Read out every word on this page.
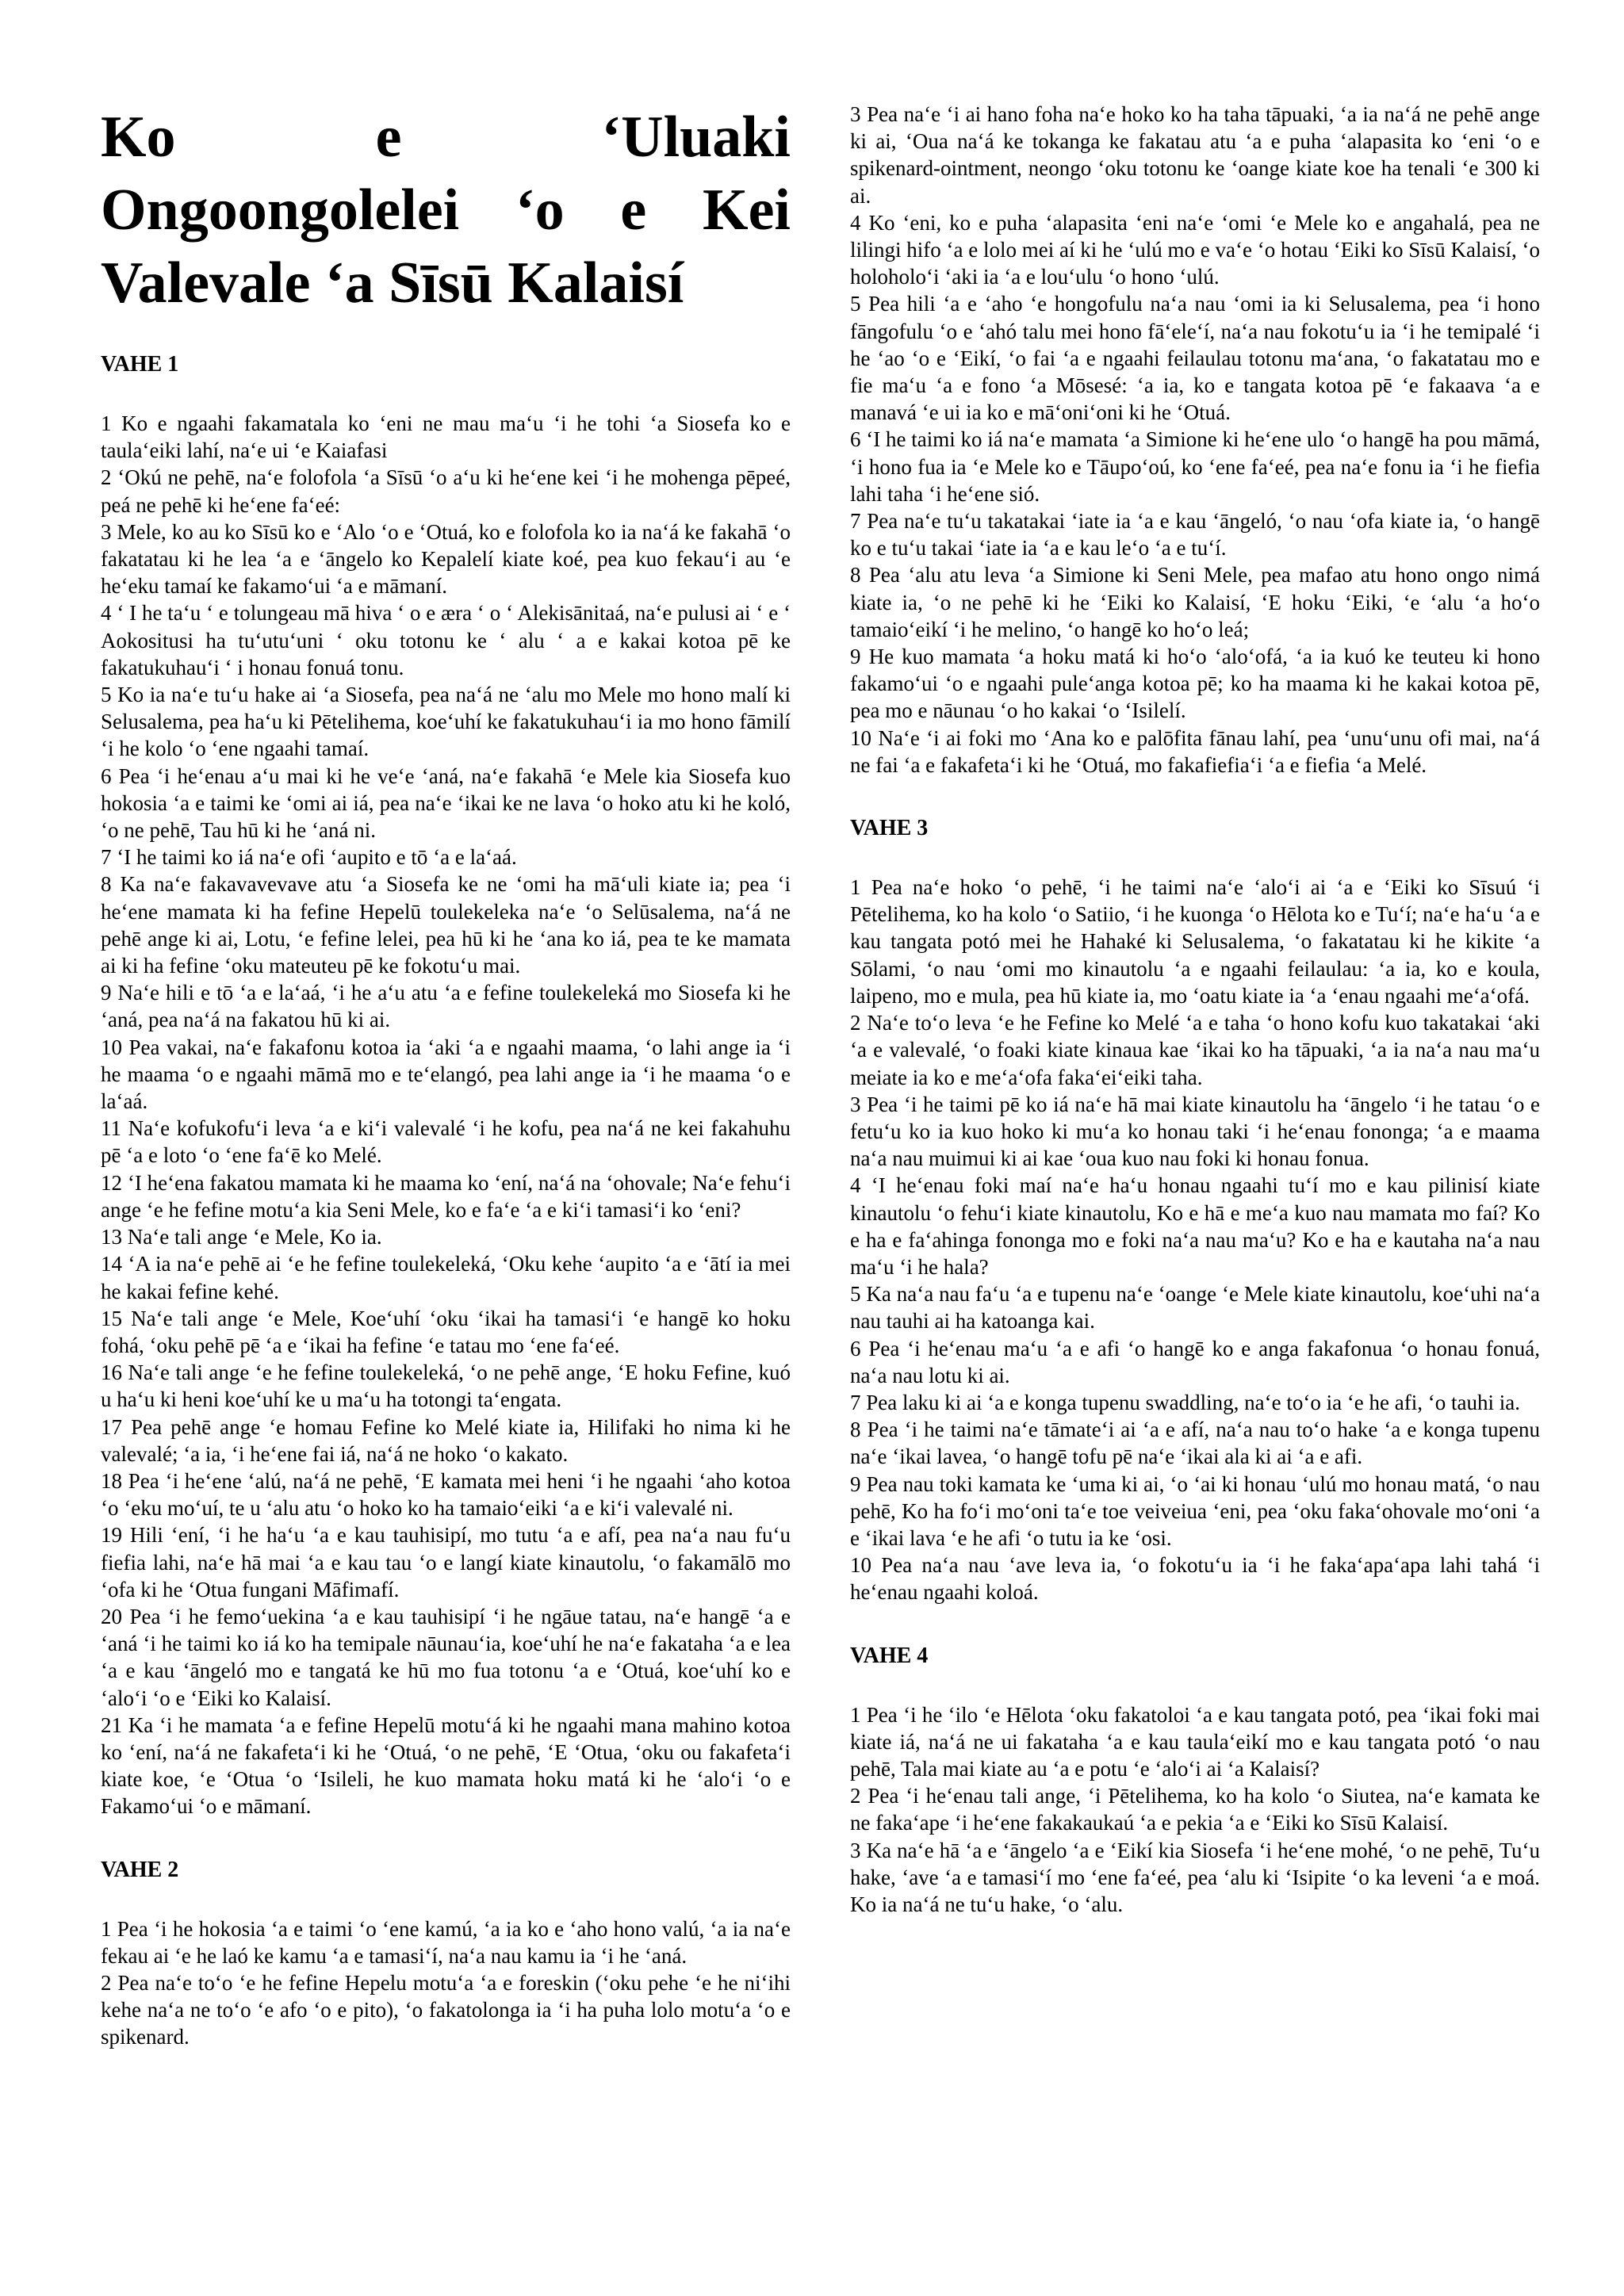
Ko e ‘Uluaki Ongoongolelei ‘o e Kei Valevale ‘a Sīsū Kalaisí

VAHE 1

1 Ko e ngaahi fakamatala ko ‘eni ne mau ma‘u ‘i he tohi ‘a Siosefa ko e taula‘eiki lahí, na‘e ui ‘e Kaiafasi

2 ‘Okú ne pehē, na‘e folofola ‘a Sīsū ‘o a‘u ki he‘ene kei ‘i he mohenga pēpeé, peá ne pehē ki he‘ene fa‘eé:

3 Mele, ko au ko Sīsū ko e ‘Alo ‘o e ‘Otuá, ko e folofola ko ia na‘á ke fakahā ‘o fakatatau ki he lea ‘a e ‘āngelo ko Kepalelí kiate koé, pea kuo fekau‘i au ‘e he‘eku tamaí ke fakamo‘ui ‘a e māmaní.

4 ‘ I he ta‘u ‘ e tolungeau mā hiva ‘ o e æra ‘ o ‘ Alekisānitaá, na‘e pulusi ai ‘ e ‘ Aokositusi ha tu‘utu‘uni ‘ oku totonu ke ‘ alu ‘ a e kakai kotoa pē ke fakatukuhau‘i ‘ i honau fonuá tonu.

5 Ko ia na‘e tu‘u hake ai ‘a Siosefa, pea na‘á ne ‘alu mo Mele mo hono malí ki Selusalema, pea ha‘u ki Pētelihema, koe‘uhí ke fakatukuhau‘i ia mo hono fāmilí ‘i he kolo ‘o ‘ene ngaahi tamaí.

6 Pea ‘i he‘enau a‘u mai ki he ve‘e ‘aná, na‘e fakahā ‘e Mele kia Siosefa kuo hokosia ‘a e taimi ke ‘omi ai iá, pea na‘e ‘ikai ke ne lava ‘o hoko atu ki he koló, ‘o ne pehē, Tau hū ki he ‘aná ni.

7 ‘I he taimi ko iá na‘e ofi ‘aupito e tō ‘a e la‘aá.

8 Ka na‘e fakavavevave atu ‘a Siosefa ke ne ‘omi ha mā‘uli kiate ia; pea ‘i he‘ene mamata ki ha fefine Hepelū toulekeleka na‘e ‘o Selūsalema, na‘á ne pehē ange ki ai, Lotu, ‘e fefine lelei, pea hū ki he ‘ana ko iá, pea te ke mamata ai ki ha fefine ‘oku mateuteu pē ke fokotu‘u mai.

9 Na‘e hili e tō ‘a e la‘aá, ‘i he a‘u atu ‘a e fefine toulekeleká mo Siosefa ki he ‘aná, pea na‘á na fakatou hū ki ai.

10 Pea vakai, na‘e fakafonu kotoa ia ‘aki ‘a e ngaahi maama, ‘o lahi ange ia ‘i he maama ‘o e ngaahi māmā mo e te‘elangó, pea lahi ange ia ‘i he maama ‘o e la‘aá.

11 Na‘e kofukofu‘i leva ‘a e ki‘i valevalé ‘i he kofu, pea na‘á ne kei fakahuhu pē ‘a e loto ‘o ‘ene fa‘ē ko Melé.

12 ‘I he‘ena fakatou mamata ki he maama ko ‘ení, na‘á na ‘ohovale; Na‘e fehu‘i ange ‘e he fefine motu‘a kia Seni Mele, ko e fa‘e ‘a e ki‘i tamasi‘i ko ‘eni?

13 Na‘e tali ange ‘e Mele, Ko ia.

14 ‘A ia na‘e pehē ai ‘e he fefine toulekeleká, ‘Oku kehe ‘aupito ‘a e ‘ātí ia mei he kakai fefine kehé.

15 Na‘e tali ange ‘e Mele, Koe‘uhí ‘oku ‘ikai ha tamasi‘i ‘e hangē ko hoku fohá, ‘oku pehē pē ‘a e ‘ikai ha fefine ‘e tatau mo ‘ene fa‘eé.

16 Na‘e tali ange ‘e he fefine toulekeleká, ‘o ne pehē ange, ‘E hoku Fefine, kuó u ha‘u ki heni koe‘uhí ke u ma‘u ha totongi ta‘engata.

17 Pea pehē ange ‘e homau Fefine ko Melé kiate ia, Hilifaki ho nima ki he valevalé; ‘a ia, ‘i he‘ene fai iá, na‘á ne hoko ‘o kakato.

18 Pea ‘i he‘ene ‘alú, na‘á ne pehē, ‘E kamata mei heni ‘i he ngaahi ‘aho kotoa ‘o ‘eku mo‘uí, te u ‘alu atu ‘o hoko ko ha tamaio‘eiki ‘a e ki‘i valevalé ni.

19 Hili ‘ení, ‘i he ha‘u ‘a e kau tauhisipí, mo tutu ‘a e afí, pea na‘a nau fu‘u fiefia lahi, na‘e hā mai ‘a e kau tau ‘o e langí kiate kinautolu, ‘o fakamālō mo ‘ofa ki he ‘Otua fungani Māfimafí.

20 Pea ‘i he femo‘uekina ‘a e kau tauhisipí ‘i he ngāue tatau, na‘e hangē ‘a e ‘aná ‘i he taimi ko iá ko ha temipale nāunau‘ia, koe‘uhí he na‘e fakataha ‘a e lea ‘a e kau ‘āngeló mo e tangatá ke hū mo fua totonu ‘a e ‘Otuá, koe‘uhí ko e ‘alo‘i ‘o e ‘Eiki ko Kalaisí.

21 Ka ‘i he mamata ‘a e fefine Hepelū motu‘á ki he ngaahi mana mahino kotoa ko ‘ení, na‘á ne fakafeta‘i ki he ‘Otuá, ‘o ne pehē, ‘E ‘Otua, ‘oku ou fakafeta‘i kiate koe, ‘e ‘Otua ‘o ‘Isileli, he kuo mamata hoku matá ki he ‘alo‘i ‘o e Fakamo‘ui ‘o e māmaní.

VAHE 2

1 Pea ‘i he hokosia ‘a e taimi ‘o ‘ene kamú, ‘a ia ko e ‘aho hono valú, ‘a ia na‘e fekau ai ‘e he laó ke kamu ‘a e tamasi‘í, na‘a nau kamu ia ‘i he ‘aná.

2 Pea na‘e to‘o ‘e he fefine Hepelu motu‘a ‘a e foreskin (‘oku pehe ‘e he ni‘ihi kehe na‘a ne to‘o ‘e afo ‘o e pito), ‘o fakatolonga ia ‘i ha puha lolo motu‘a ‘o e spikenard.

3 Pea na‘e ‘i ai hano foha na‘e hoko ko ha taha tāpuaki, ‘a ia na‘á ne pehē ange ki ai, ‘Oua na‘á ke tokanga ke fakatau atu ‘a e puha ‘alapasita ko ‘eni ‘o e spikenard-ointment, neongo ‘oku totonu ke ‘oange kiate koe ha tenali ‘e 300 ki ai.

4 Ko ‘eni, ko e puha ‘alapasita ‘eni na‘e ‘omi ‘e Mele ko e angahalá, pea ne lilingi hifo ‘a e lolo mei aí ki he ‘ulú mo e va‘e ‘o hotau ‘Eiki ko Sīsū Kalaisí, ‘o holoholo‘i ‘aki ia ‘a e lou‘ulu ‘o hono ‘ulú.

5 Pea hili ‘a e ‘aho ‘e hongofulu na‘a nau ‘omi ia ki Selusalema, pea ‘i hono fāngofulu ‘o e ‘ahó talu mei hono fā‘ele‘í, na‘a nau fokotu‘u ia ‘i he temipalé ‘i he ‘ao ‘o e ‘Eikí, ‘o fai ‘a e ngaahi feilaulau totonu ma‘ana, ‘o fakatatau mo e fie ma‘u ‘a e fono ‘a Mōsesé: ‘a ia, ko e tangata kotoa pē ‘e fakaava ‘a e manavá ‘e ui ia ko e mā‘oni‘oni ki he ‘Otuá.

6 ‘I he taimi ko iá na‘e mamata ‘a Simione ki he‘ene ulo ‘o hangē ha pou māmá, ‘i hono fua ia ‘e Mele ko e Tāupo‘oú, ko ‘ene fa‘eé, pea na‘e fonu ia ‘i he fiefia lahi taha ‘i he‘ene sió.

7 Pea na‘e tu‘u takatakai ‘iate ia ‘a e kau ‘āngeló, ‘o nau ‘ofa kiate ia, ‘o hangē ko e tu‘u takai ‘iate ia ‘a e kau le‘o ‘a e tu‘í.

8 Pea ‘alu atu leva ‘a Simione ki Seni Mele, pea mafao atu hono ongo nimá kiate ia, ‘o ne pehē ki he ‘Eiki ko Kalaisí, ‘E hoku ‘Eiki, ‘e ‘alu ‘a ho‘o tamaio‘eikí ‘i he melino, ‘o hangē ko ho‘o leá;

9 He kuo mamata ‘a hoku matá ki ho‘o ‘alo‘ofá, ‘a ia kuó ke teuteu ki hono fakamo‘ui ‘o e ngaahi pule‘anga kotoa pē; ko ha maama ki he kakai kotoa pē, pea mo e nāunau ‘o ho kakai ‘o ‘Isilelí.

10 Na‘e ‘i ai foki mo ‘Ana ko e palōfita fānau lahí, pea ‘unu‘unu ofi mai, na‘á ne fai ‘a e fakafeta‘i ki he ‘Otuá, mo fakafiefia‘i ‘a e fiefia ‘a Melé.

VAHE 3

1 Pea na‘e hoko ‘o pehē, ‘i he taimi na‘e ‘alo‘i ai ‘a e ‘Eiki ko Sīsuú ‘i Pētelihema, ko ha kolo ‘o Satiio, ‘i he kuonga ‘o Hēlota ko e Tu‘í; na‘e ha‘u ‘a e kau tangata potó mei he Hahaké ki Selusalema, ‘o fakatatau ki he kikite ‘a Sōlami, ‘o nau ‘omi mo kinautolu ‘a e ngaahi feilaulau: ‘a ia, ko e koula, laipeno, mo e mula, pea hū kiate ia, mo ‘oatu kiate ia ‘a ‘enau ngaahi me‘a‘ofá.

2 Na‘e to‘o leva ‘e he Fefine ko Melé ‘a e taha ‘o hono kofu kuo takatakai ‘aki ‘a e valevalé, ‘o foaki kiate kinaua kae ‘ikai ko ha tāpuaki, ‘a ia na‘a nau ma‘u meiate ia ko e me‘a‘ofa faka‘ei‘eiki taha.

3 Pea ‘i he taimi pē ko iá na‘e hā mai kiate kinautolu ha ‘āngelo ‘i he tatau ‘o e fetu‘u ko ia kuo hoko ki mu‘a ko honau taki ‘i he‘enau fononga; ‘a e maama na‘a nau muimui ki ai kae ‘oua kuo nau foki ki honau fonua.

4 ‘I he‘enau foki maí na‘e ha‘u honau ngaahi tu‘í mo e kau pilinisí kiate kinautolu ‘o fehu‘i kiate kinautolu, Ko e hā e me‘a kuo nau mamata mo faí? Ko e ha e fa‘ahinga fononga mo e foki na‘a nau ma‘u? Ko e ha e kautaha na‘a nau ma‘u ‘i he hala?

5 Ka na‘a nau fa‘u ‘a e tupenu na‘e ‘oange ‘e Mele kiate kinautolu, koe‘uhi na‘a nau tauhi ai ha katoanga kai.

6 Pea ‘i he‘enau ma‘u ‘a e afi ‘o hangē ko e anga fakafonua ‘o honau fonuá, na‘a nau lotu ki ai.

7 Pea laku ki ai ‘a e konga tupenu swaddling, na‘e to‘o ia ‘e he afi, ‘o tauhi ia.

8 Pea ‘i he taimi na‘e tāmate‘i ai ‘a e afí, na‘a nau to‘o hake ‘a e konga tupenu na‘e ‘ikai lavea, ‘o hangē tofu pē na‘e ‘ikai ala ki ai ‘a e afi.

9 Pea nau toki kamata ke ‘uma ki ai, ‘o ‘ai ki honau ‘ulú mo honau matá, ‘o nau pehē, Ko ha fo‘i mo‘oni ta‘e toe veiveiua ‘eni, pea ‘oku faka‘ohovale mo‘oni ‘a e ‘ikai lava ‘e he afi ‘o tutu ia ke ‘osi.

10 Pea na‘a nau ‘ave leva ia, ‘o fokotu‘u ia ‘i he faka‘apa‘apa lahi tahá ‘i he‘enau ngaahi koloá.

VAHE 4

1 Pea ‘i he ‘ilo ‘e Hēlota ‘oku fakatoloi ‘a e kau tangata potó, pea ‘ikai foki mai kiate iá, na‘á ne ui fakataha ‘a e kau taula‘eikí mo e kau tangata potó ‘o nau pehē, Tala mai kiate au ‘a e potu ‘e ‘alo‘i ai ‘a Kalaisí?

2 Pea ‘i he‘enau tali ange, ‘i Pētelihema, ko ha kolo ‘o Siutea, na‘e kamata ke ne faka‘ape ‘i he‘ene fakakaukaú ‘a e pekia ‘a e ‘Eiki ko Sīsū Kalaisí.

3 Ka na‘e hā ‘a e ‘āngelo ‘a e ‘Eikí kia Siosefa ‘i he‘ene mohé, ‘o ne pehē, Tu‘u hake, ‘ave ‘a e tamasi‘í mo ‘ene fa‘eé, pea ‘alu ki ‘Isipite ‘o ka leveni ‘a e moá. Ko ia na‘á ne tu‘u hake, ‘o ‘alu.
